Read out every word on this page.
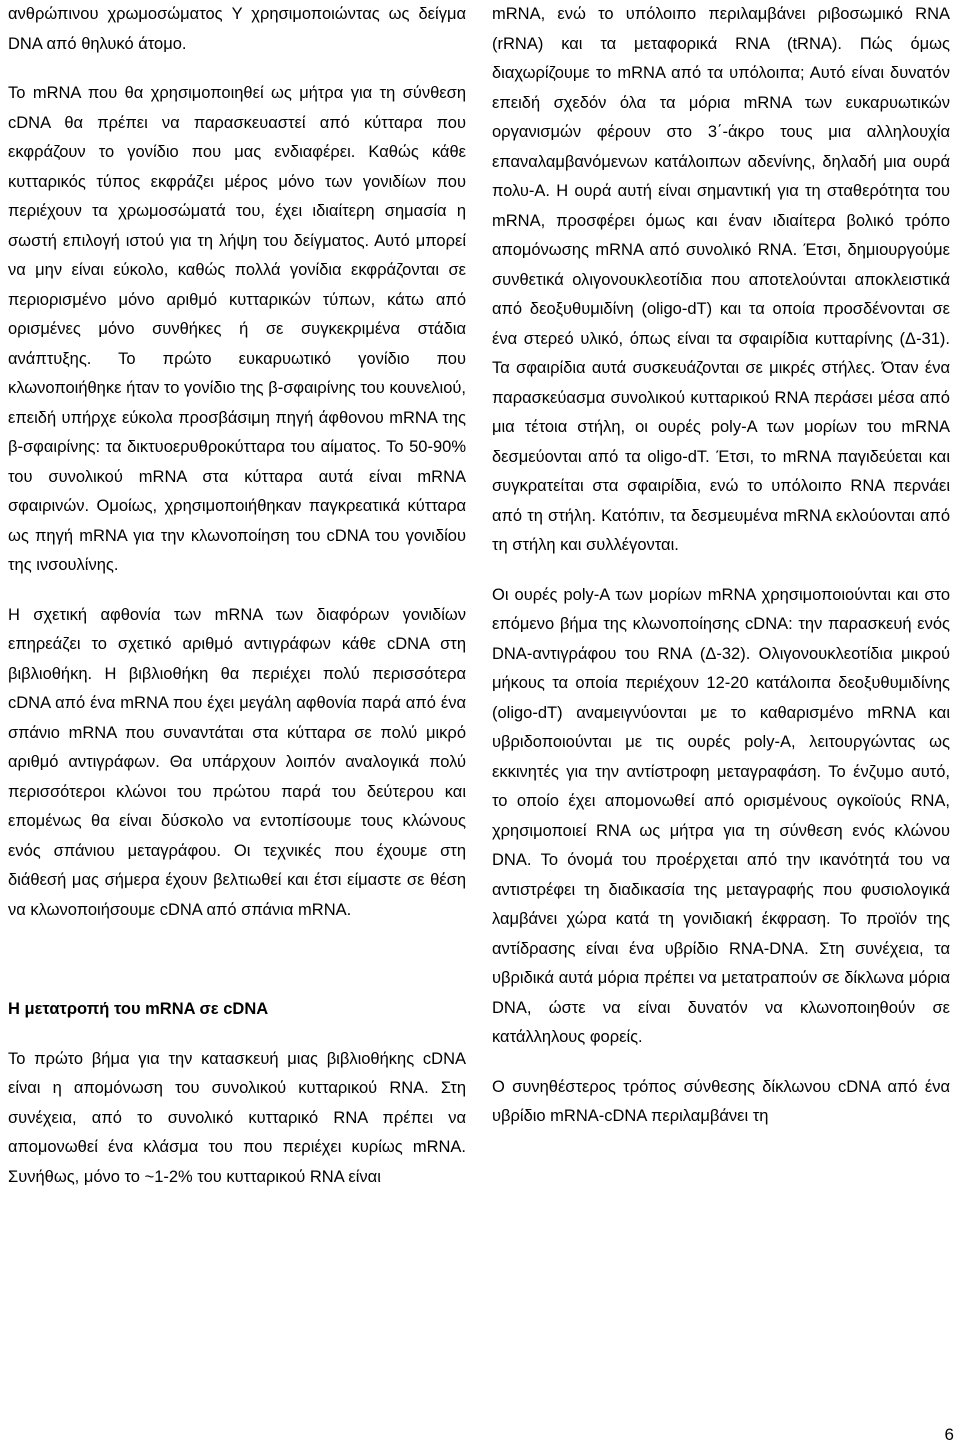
ανθρώπινου χρωμοσώματος Y χρησιμοποιώντας ως δείγμα DNA από θηλυκό άτομο.

Το mRNA που θα χρησιμοποιηθεί ως μήτρα για τη σύνθεση cDNA θα πρέπει να παρασκευαστεί από κύτταρα που εκφράζουν το γονίδιο που μας ενδιαφέρει. Καθώς κάθε κυτταρικός τύπος εκφράζει μέρος μόνο των γονιδίων που περιέχουν τα χρωμοσώματά του, έχει ιδιαίτερη σημασία η σωστή επιλογή ιστού για τη λήψη του δείγματος. Αυτό μπορεί να μην είναι εύκολο, καθώς πολλά γονίδια εκφράζονται σε περιορισμένο μόνο αριθμό κυτταρικών τύπων, κάτω από ορισμένες μόνο συνθήκες ή σε συγκεκριμένα στάδια ανάπτυξης. Το πρώτο ευκαρυωτικό γονίδιο που κλωνοποιήθηκε ήταν το γονίδιο της β-σφαιρίνης του κουνελιού, επειδή υπήρχε εύκολα προσβάσιμη πηγή άφθονου mRNA της β-σφαιρίνης: τα δικτυοερυθροκύτταρα του αίματος. Το 50-90% του συνολικού mRNA στα κύτταρα αυτά είναι mRNA σφαιρινών. Ομοίως, χρησιμοποιήθηκαν παγκρεατικά κύτταρα ως πηγή mRNA για την κλωνοποίηση του cDNA του γονιδίου της ινσουλίνης.

Η σχετική αφθονία των mRNA των διαφόρων γονιδίων επηρεάζει το σχετικό αριθμό αντιγράφων κάθε cDNA στη βιβλιοθήκη. Η βιβλιοθήκη θα περιέχει πολύ περισσότερα cDNA από ένα mRNA που έχει μεγάλη αφθονία παρά από ένα σπάνιο mRNA που συναντάται στα κύτταρα σε πολύ μικρό αριθμό αντιγράφων. Θα υπάρχουν λοιπόν αναλογικά πολύ περισσότεροι κλώνοι του πρώτου παρά του δεύτερου και επομένως θα είναι δύσκολο να εντοπίσουμε τους κλώνους ενός σπάνιου μεταγράφου. Οι τεχνικές που έχουμε στη διάθεσή μας σήμερα έχουν βελτιωθεί και έτσι είμαστε σε θέση να κλωνοποιήσουμε cDNA από σπάνια mRNA.

Η μετατροπή του mRNA σε cDNA

Το πρώτο βήμα για την κατασκευή μιας βιβλιοθήκης cDNA είναι η απομόνωση του συνολικού κυτταρικού RNA. Στη συνέχεια, από το συνολικό κυτταρικό RNA πρέπει να απομονωθεί ένα κλάσμα του που περιέχει κυρίως mRNA. Συνήθως, μόνο το ~1-2% του κυτταρικού RNA είναι

mRNA, ενώ το υπόλοιπο περιλαμβάνει ριβοσωμικό RNA (rRNA) και τα μεταφορικά RNA (tRNA). Πώς όμως διαχωρίζουμε το mRNA από τα υπόλοιπα; Αυτό είναι δυνατόν επειδή σχεδόν όλα τα μόρια mRNA των ευκαρυωτικών οργανισμών φέρουν στο 3΄-άκρο τους μια αλληλουχία επαναλαμβανόμενων κατάλοιπων αδενίνης, δηλαδή μια ουρά πολυ-A. Η ουρά αυτή είναι σημαντική για τη σταθερότητα του mRNA, προσφέρει όμως και έναν ιδιαίτερα βολικό τρόπο απομόνωσης mRNA από συνολικό RNA. Έτσι, δημιουργούμε συνθετικά ολιγονουκλεοτίδια που αποτελούνται αποκλειστικά από δεοξυθυμιδίνη (oligo-dT) και τα οποία προσδένονται σε ένα στερεό υλικό, όπως είναι τα σφαιρίδια κυτταρίνης (Δ-31). Τα σφαιρίδια αυτά συσκευάζονται σε μικρές στήλες. Όταν ένα παρασκεύασμα συνολικού κυτταρικού RNA περάσει μέσα από μια τέτοια στήλη, οι ουρές poly-A των μορίων του mRNA δεσμεύονται από τα oligo-dT. Έτσι, το mRNA παγιδεύεται και συγκρατείται στα σφαιρίδια, ενώ το υπόλοιπο RNA περνάει από τη στήλη. Κατόπιν, τα δεσμευμένα mRNA εκλούονται από τη στήλη και συλλέγονται.

Οι ουρές poly-A των μορίων mRNA χρησιμοποιούνται και στο επόμενο βήμα της κλωνοποίησης cDNA: την παρασκευή ενός DNA-αντιγράφου του RNA (Δ-32). Ολιγονουκλεοτίδια μικρού μήκους τα οποία περιέχουν 12-20 κατάλοιπα δεοξυθυμιδίνης (oligo-dT) αναμειγνύονται με το καθαρισμένο mRNA και υβριδοποιούνται με τις ουρές poly-A, λειτουργώντας ως εκκινητές για την αντίστροφη μεταγραφάση. Το ένζυμο αυτό, το οποίο έχει απομονωθεί από ορισμένους ογκοϊούς RNA, χρησιμοποιεί RNA ως μήτρα για τη σύνθεση ενός κλώνου DNA. Το όνομά του προέρχεται από την ικανότητά του να αντιστρέφει τη διαδικασία της μεταγραφής που φυσιολογικά λαμβάνει χώρα κατά τη γονιδιακή έκφραση. Το προϊόν της αντίδρασης είναι ένα υβρίδιο RNA-DNA. Στη συνέχεια, τα υβριδικά αυτά μόρια πρέπει να μετατραπούν σε δίκλωνα μόρια DNA, ώστε να είναι δυνατόν να κλωνοποιηθούν σε κατάλληλους φορείς.

Ο συνηθέστερος τρόπος σύνθεσης δίκλωνου cDNA από ένα υβρίδιο mRNA-cDNA περιλαμβάνει τη

6
